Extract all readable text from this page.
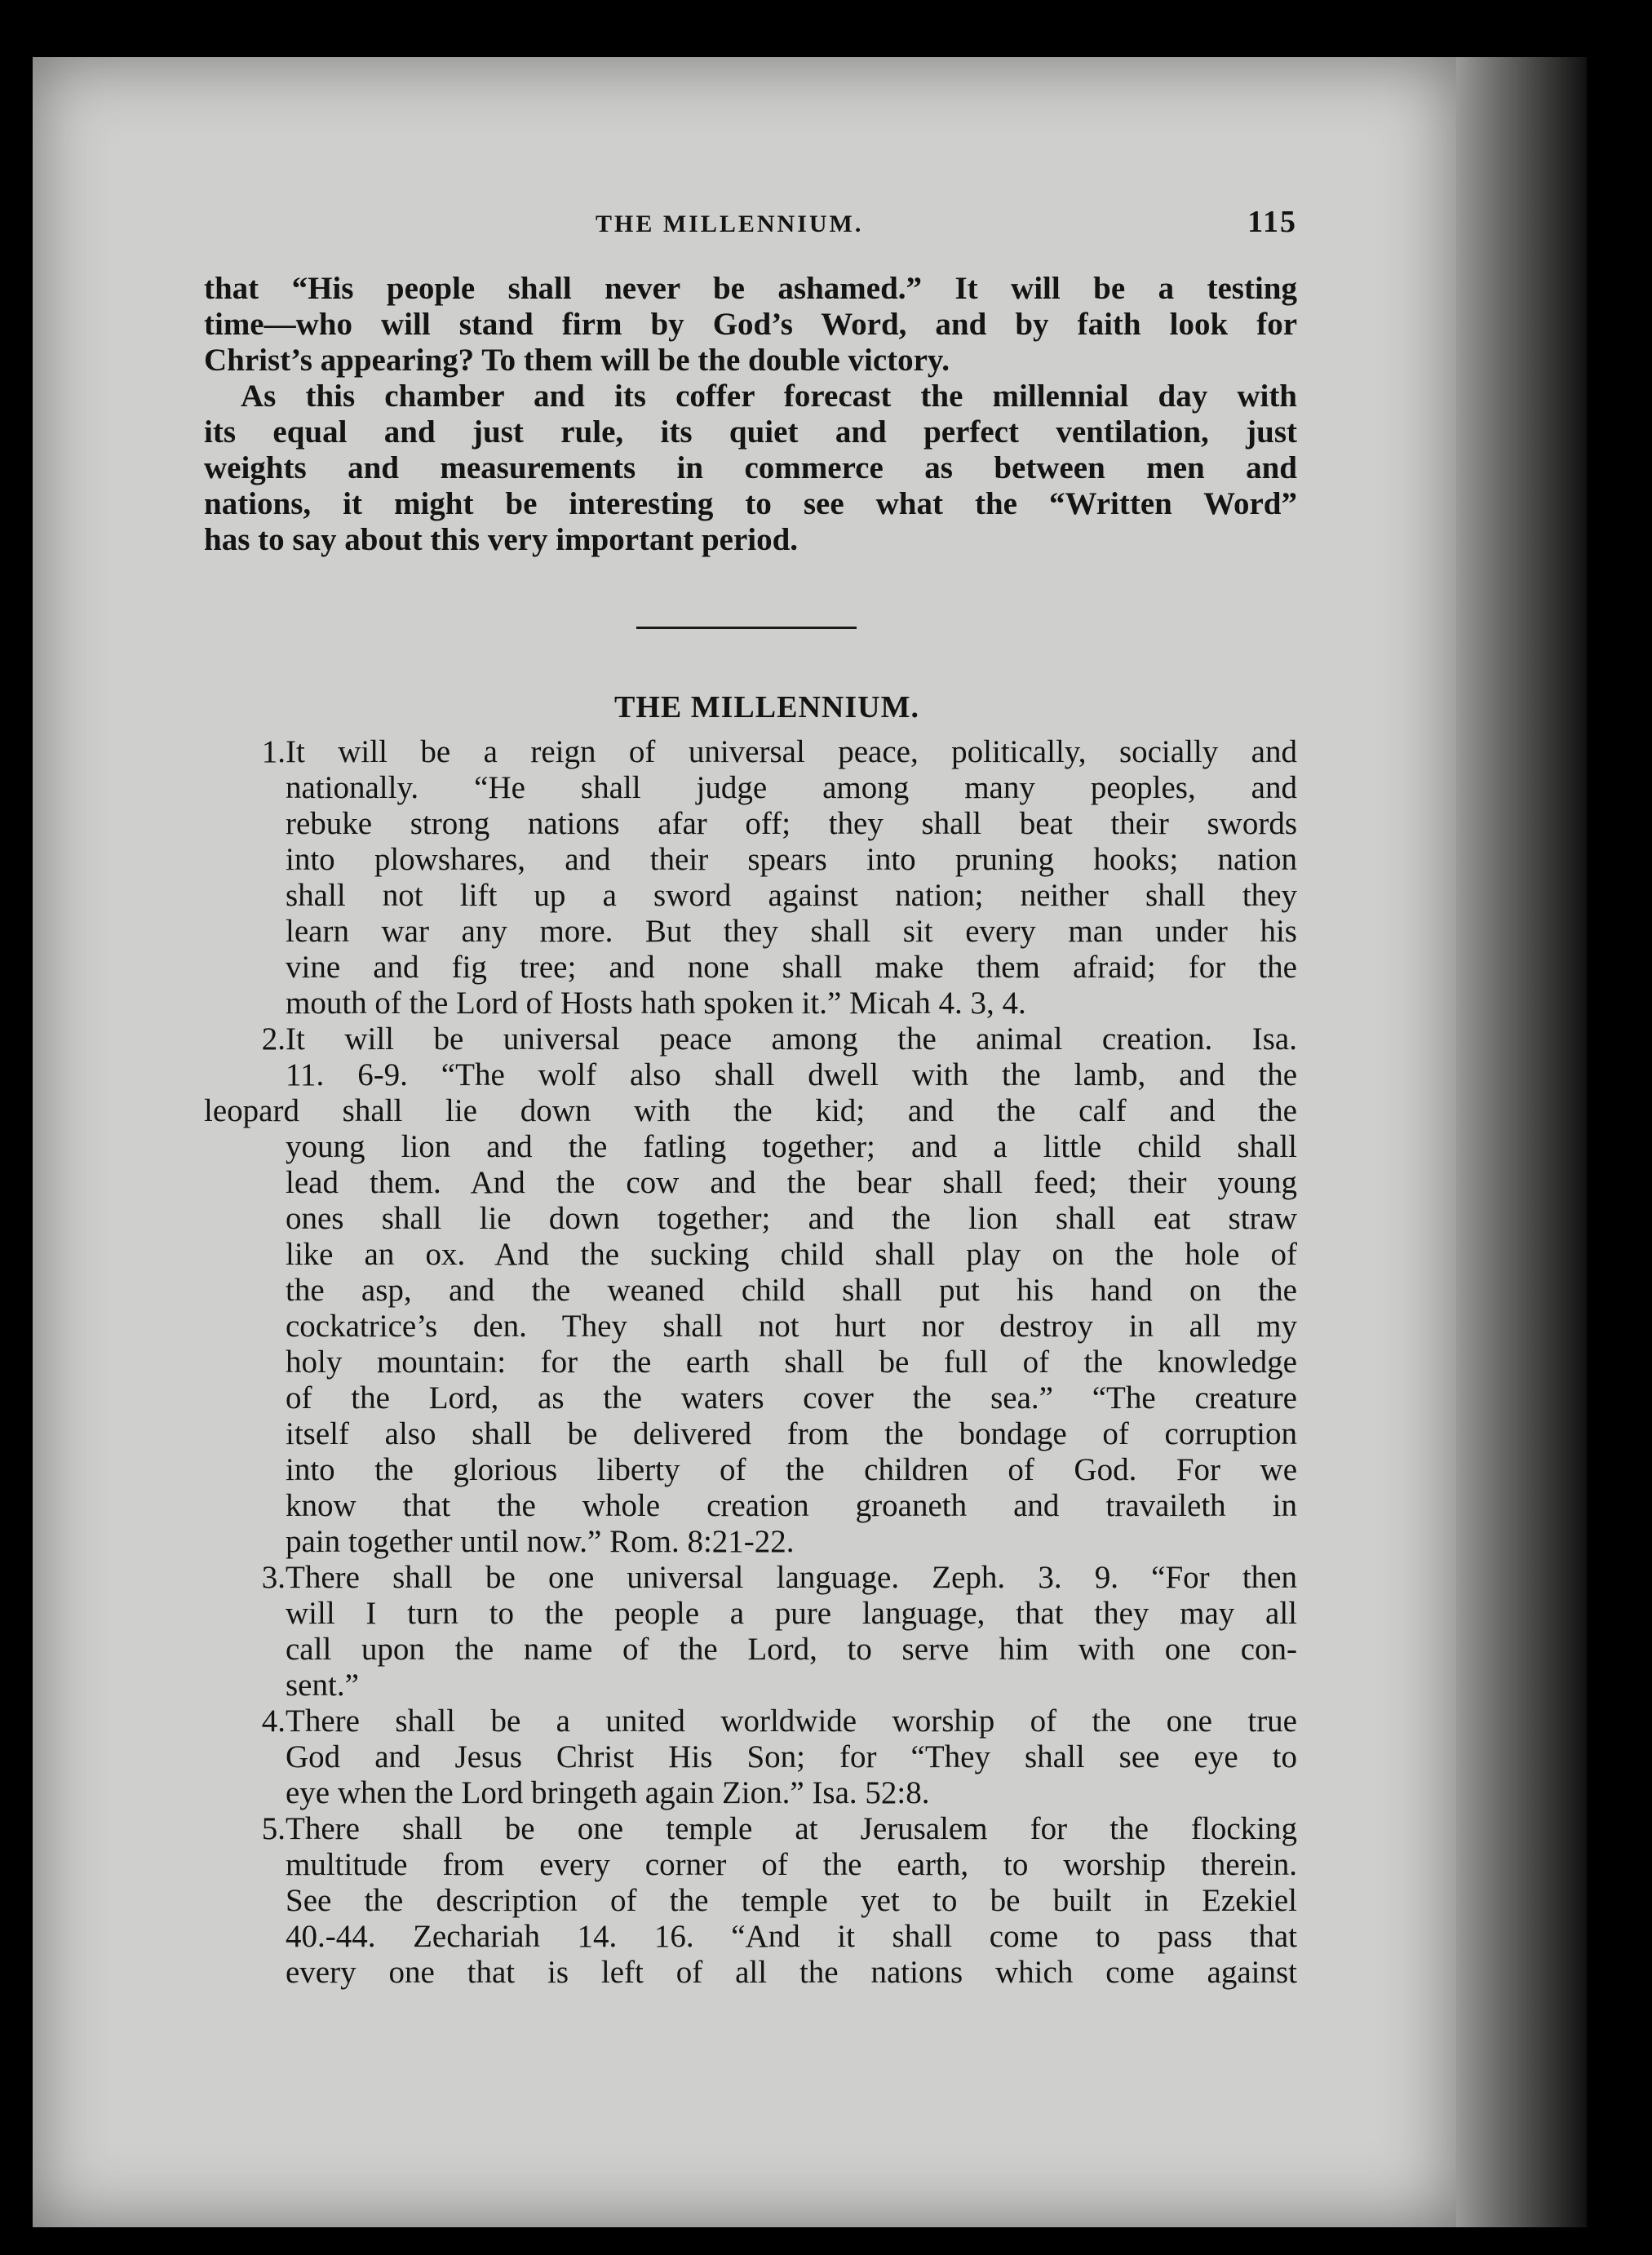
THE MILLENNIUM.	115
that “His people shall never be ashamed.” It will be a testing
time—who will stand firm by God’s Word, and by faith look for
Christ’s appearing? To them will be the double victory.
As this chamber and its coffer forecast the millennial day with
its equal and just rule, its quiet and perfect ventilation, just
weights and measurements in commerce as between men and
nations, it might be interesting to see what the “Written Word”
has to say about this very important period.
THE MILLENNIUM.
1. It will be a reign of universal peace, politically, socially and
nationally. “He shall judge among many peoples, and
rebuke strong nations afar off; they shall beat their swords
into plowshares, and their spears into pruning hooks; nation
shall not lift up a sword against nation; neither shall they
learn war any more. But they shall sit every man under his
vine and fig tree; and none shall make them afraid; for the
mouth of the Lord of Hosts hath spoken it.” Micah 4. 3, 4.
2. It will be universal peace among the animal creation. Isa.
11. 6-9. “The wolf also shall dwell with the lamb, and the
leopard shall lie down with the kid; and the calf and the
young lion and the fatling together; and a little child shall
lead them. And the cow and the bear shall feed; their young
ones shall lie down together; and the lion shall eat straw
like an ox. And the sucking child shall play on the hole of
the asp, and the weaned child shall put his hand on the
cockatrice’s den. They shall not hurt nor destroy in all my
holy mountain: for the earth shall be full of the knowledge
of the Lord, as the waters cover the sea.” “The creature
itself also shall be delivered from the bondage of corruption
into the glorious liberty of the children of God. For we
know that the whole creation groaneth and travaileth in
pain together until now.” Rom. 8:21-22.
3. There shall be one universal language. Zeph. 3. 9. “For then
will I turn to the people a pure language, that they may all
call upon the name of the Lord, to serve him with one con-
sent.”
4. There shall be a united worldwide worship of the one true
God and Jesus Christ His Son; for “They shall see eye to
eye when the Lord bringeth again Zion.” Isa. 52:8.
5. There shall be one temple at Jerusalem for the flocking
multitude from every corner of the earth, to worship therein.
See the description of the temple yet to be built in Ezekiel
40.-44. Zechariah 14. 16. “And it shall come to pass that
every one that is left of all the nations which come against
